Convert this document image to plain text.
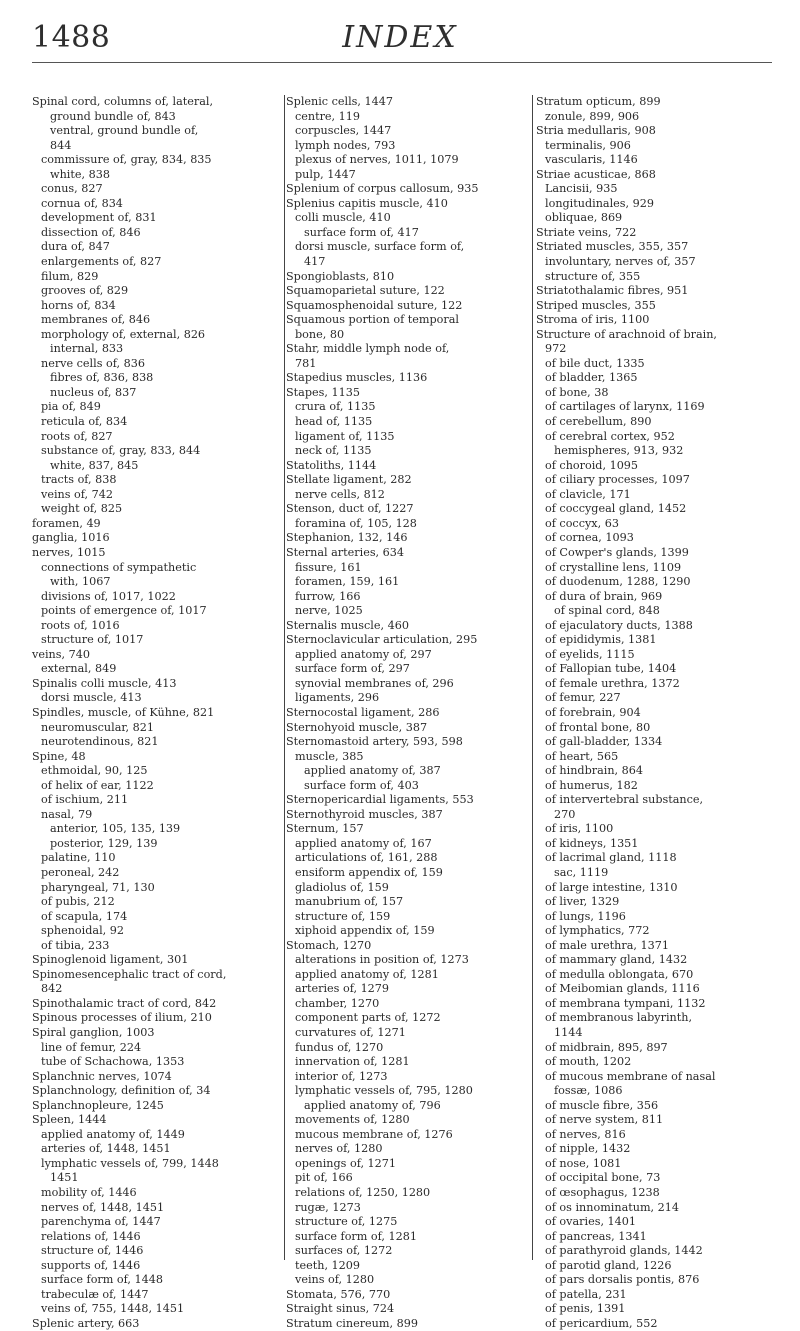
1488	INDEX
Spinal cord, columns of, lateral,
ground bundle of, 843
ventral, ground bundle of,
844
commissure of, gray, 834, 835
white, 838
conus, 827
cornua of, 834
development of, 831
dissection of, 846
dura of, 847
enlargements of, 827
filum, 829
grooves of, 829
horns of, 834
membranes of, 846
morphology of, external, 826
internal, 833
nerve cells of, 836
fibres of, 836, 838
nucleus of, 837
pia of, 849
reticula of, 834
roots of, 827
substance of, gray, 833, 844
white, 837, 845
tracts of, 838
veins of, 742
weight of, 825
foramen, 49
ganglia, 1016
nerves, 1015
connections of sympathetic
with, 1067
divisions of, 1017, 1022
points of emergence of, 1017
roots of, 1016
structure of, 1017
veins, 740
external, 849
Spinalis colli muscle, 413
dorsi muscle, 413
Spindles, muscle, of Kühne, 821
neuromuscular, 821
neurotendinous, 821
Spine, 48
ethmoidal, 90, 125
of helix of ear, 1122
of ischium, 211
nasal, 79
anterior, 105, 135, 139
posterior, 129, 139
palatine, 110
peroneal, 242
pharyngeal, 71, 130
of pubis, 212
of scapula, 174
sphenoidal, 92
of tibia, 233
Spinoglenoid ligament, 301
Spinomesencephalic tract of cord,
842
Spinothalamic tract of cord, 842
Spinous processes of ilium, 210
Spiral ganglion, 1003
line of femur, 224
tube of Schachowa, 1353
Splanchnic nerves, 1074
Splanchnology, definition of, 34
Splanchnopleure, 1245
Spleen, 1444
applied anatomy of, 1449
arteries of, 1448, 1451
lymphatic vessels of, 799, 1448
1451
mobility of, 1446
nerves of, 1448, 1451
parenchyma of, 1447
relations of, 1446
structure of, 1446
supports of, 1446
surface form of, 1448
trabeculæ of, 1447
veins of, 755, 1448, 1451
Splenic artery, 663
Splenic cells, 1447
centre, 119
corpuscles, 1447
lymph nodes, 793
plexus of nerves, 1011, 1079
pulp, 1447
Splenium of corpus callosum, 935
Splenius capitis muscle, 410
colli muscle, 410
surface form of, 417
dorsi muscle, surface form of,
417
Spongioblasts, 810
Squamoparietal suture, 122
Squamosphenoidal suture, 122
Squamous portion of temporal
bone, 80
Stahr, middle lymph node of,
781
Stapedius muscles, 1136
Stapes, 1135
crura of, 1135
head of, 1135
ligament of, 1135
neck of, 1135
Statoliths, 1144
Stellate ligament, 282
nerve cells, 812
Stenson, duct of, 1227
foramina of, 105, 128
Stephanion, 132, 146
Sternal arteries, 634
fissure, 161
foramen, 159, 161
furrow, 166
nerve, 1025
Sternalis muscle, 460
Sternoclavicular articulation, 295
applied anatomy of, 297
surface form of, 297
synovial membranes of, 296
ligaments, 296
Sternocostal ligament, 286
Sternohyoid muscle, 387
Sternomastoid artery, 593, 598
muscle, 385
applied anatomy of, 387
surface form of, 403
Sternopericardial ligaments, 553
Sternothyroid muscles, 387
Sternum, 157
applied anatomy of, 167
articulations of, 161, 288
ensiform appendix of, 159
gladiolus of, 159
manubrium of, 157
structure of, 159
xiphoid appendix of, 159
Stomach, 1270
alterations in position of, 1273
applied anatomy of, 1281
arteries of, 1279
chamber, 1270
component parts of, 1272
curvatures of, 1271
fundus of, 1270
innervation of, 1281
interior of, 1273
lymphatic vessels of, 795, 1280
applied anatomy of, 796
movements of, 1280
mucous membrane of, 1276
nerves of, 1280
openings of, 1271
pit of, 166
relations of, 1250, 1280
rugæ, 1273
structure of, 1275
surface form of, 1281
surfaces of, 1272
teeth, 1209
veins of, 1280
Stomata, 576, 770
Straight sinus, 724
Stratum cinereum, 899
Stratum opticum, 899
zonule, 899, 906
Stria medullaris, 908
terminalis, 906
vascularis, 1146
Striae acusticae, 868
Lancisii, 935
longitudinales, 929
obliquae, 869
Striate veins, 722
Striated muscles, 355, 357
involuntary, nerves of, 357
structure of, 355
Striatothalamic fibres, 951
Striped muscles, 355
Stroma of iris, 1100
Structure of arachnoid of brain,
972
of bile duct, 1335
of bladder, 1365
of bone, 38
of cartilages of larynx, 1169
of cerebellum, 890
of cerebral cortex, 952
hemispheres, 913, 932
of choroid, 1095
of ciliary processes, 1097
of clavicle, 171
of coccygeal gland, 1452
of coccyx, 63
of cornea, 1093
of Cowper's glands, 1399
of crystalline lens, 1109
of duodenum, 1288, 1290
of dura of brain, 969
of spinal cord, 848
of ejaculatory ducts, 1388
of epididymis, 1381
of eyelids, 1115
of Fallopian tube, 1404
of female urethra, 1372
of femur, 227
of forebrain, 904
of frontal bone, 80
of gall-bladder, 1334
of heart, 565
of hindbrain, 864
of humerus, 182
of intervertebral substance,
270
of iris, 1100
of kidneys, 1351
of lacrimal gland, 1118
sac, 1119
of large intestine, 1310
of liver, 1329
of lungs, 1196
of lymphatics, 772
of male urethra, 1371
of mammary gland, 1432
of medulla oblongata, 670
of Meibomian glands, 1116
of membrana tympani, 1132
of membranous labyrinth,
1144
of midbrain, 895, 897
of mouth, 1202
of mucous membrane of nasal
fossæ, 1086
of muscle fibre, 356
of nerve system, 811
of nerves, 816
of nipple, 1432
of nose, 1081
of occipital bone, 73
of œsophagus, 1238
of os innominatum, 214
of ovaries, 1401
of pancreas, 1341
of parathyroid glands, 1442
of parotid gland, 1226
of pars dorsalis pontis, 876
of patella, 231
of penis, 1391
of pericardium, 552
